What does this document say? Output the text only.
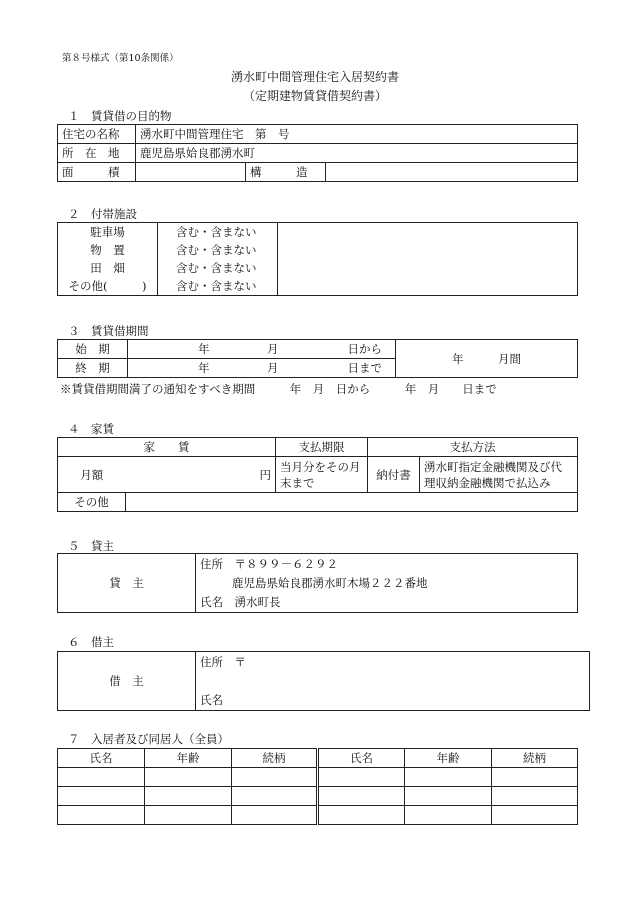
第８号様式（第10条関係）
湧水町中間管理住宅入居契約書
（定期建物賃貸借契約書）
１　賃貸借の目的物
住宅の名称	湧水町中間管理住宅　第　号		
所　在　地	鹿児島県姶良郡湧水町		
面　　　積		構　　　造	
２　付帯施設
駐車場	含む・含まない	
物　置	含む・含まない	
田　畑	含む・含まない	
その他(　　　)	含む・含まない	
３　賃貸借期間
始　期	年　　　　　月　　　　　　日から	年　　　月間
終　期	年　　　　　月　　　　　　日まで	
※賃貸借期間満了の通知をすべき期間　　　年　月　日から　　　年　月　　日まで
４　家賃
家　　賃			支払期限	支払方法	
月額		円	当月分をその月末まで	納付書	湧水町指定金融機関及び代理収納金融機関で払込み
その他					
５　貸主
貸　主	住所　 〒８９９－６２９２
鹿児島県姶良郡湧水町木場２２２番地
氏名　 湧水町長
６　借主
借　主	住所　 〒

氏名
７　入居者及び同居人（全員）
氏名	年齢	続柄	氏名	年齢	続柄
